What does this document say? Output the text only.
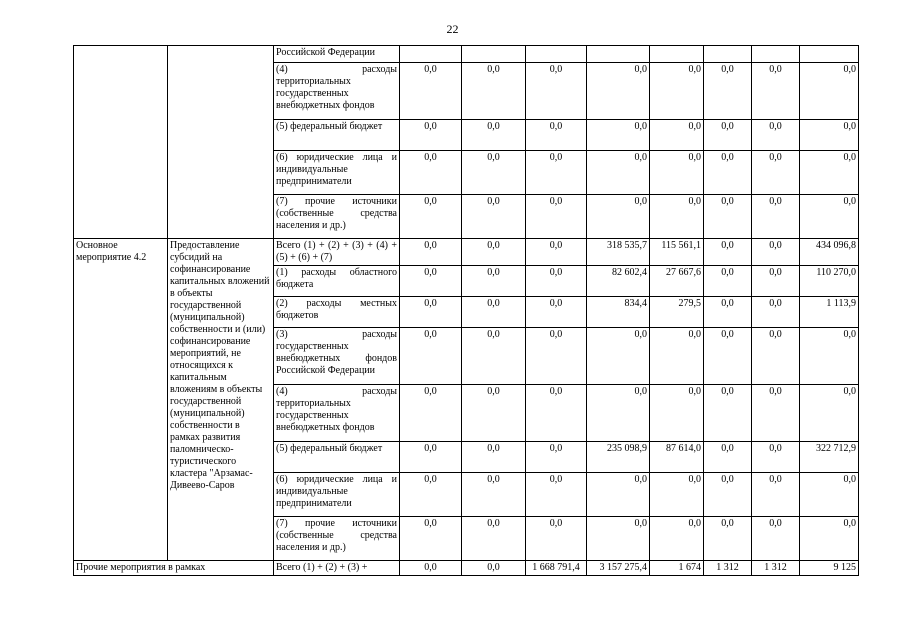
22
		Российской Федерации								
		(4) расходы территориальных государственных внебюджетных фондов	0,0	0,0	0,0	0,0	0,0	0,0	0,0	0,0
		(5) федеральный бюджет	0,0	0,0	0,0	0,0	0,0	0,0	0,0	0,0
		(6) юридические лица и индивидуальные предприниматели	0,0	0,0	0,0	0,0	0,0	0,0	0,0	0,0
		(7) прочие источники (собственные средства населения и др.)	0,0	0,0	0,0	0,0	0,0	0,0	0,0	0,0
Основное мероприятие 4.2	Предоставление субсидий на софинансирование капитальных вложений в объекты государственной (муниципальной) собственности и (или) софинансирование мероприятий, не относящихся к капитальным вложениям в объекты государственной (муниципальной) собственности в рамках развития паломническо-туристического кластера "Арзамас-Дивеево-Саров	Всего (1) + (2) + (3) + (4) + (5) + (6) + (7)	0,0	0,0	0,0	318 535,7	115 561,1	0,0	0,0	434 096,8
		(1) расходы областного бюджета	0,0	0,0	0,0	82 602,4	27 667,6	0,0	0,0	110 270,0
		(2) расходы местных бюджетов	0,0	0,0	0,0	834,4	279,5	0,0	0,0	1 113,9
		(3) расходы государственных внебюджетных фондов Российской Федерации	0,0	0,0	0,0	0,0	0,0	0,0	0,0	0,0
		(4) расходы территориальных государственных внебюджетных фондов	0,0	0,0	0,0	0,0	0,0	0,0	0,0	0,0
		(5) федеральный бюджет	0,0	0,0	0,0	235 098,9	87 614,0	0,0	0,0	322 712,9
		(6) юридические лица и индивидуальные предприниматели	0,0	0,0	0,0	0,0	0,0	0,0	0,0	0,0
		(7) прочие источники (собственные средства населения и др.)	0,0	0,0	0,0	0,0	0,0	0,0	0,0	0,0
Прочие мероприятия в рамках		Всего (1) + (2) + (3) +	0,0	0,0	1 668 791,4	3 157 275,4	1 674	1 312	1 312	9 125
